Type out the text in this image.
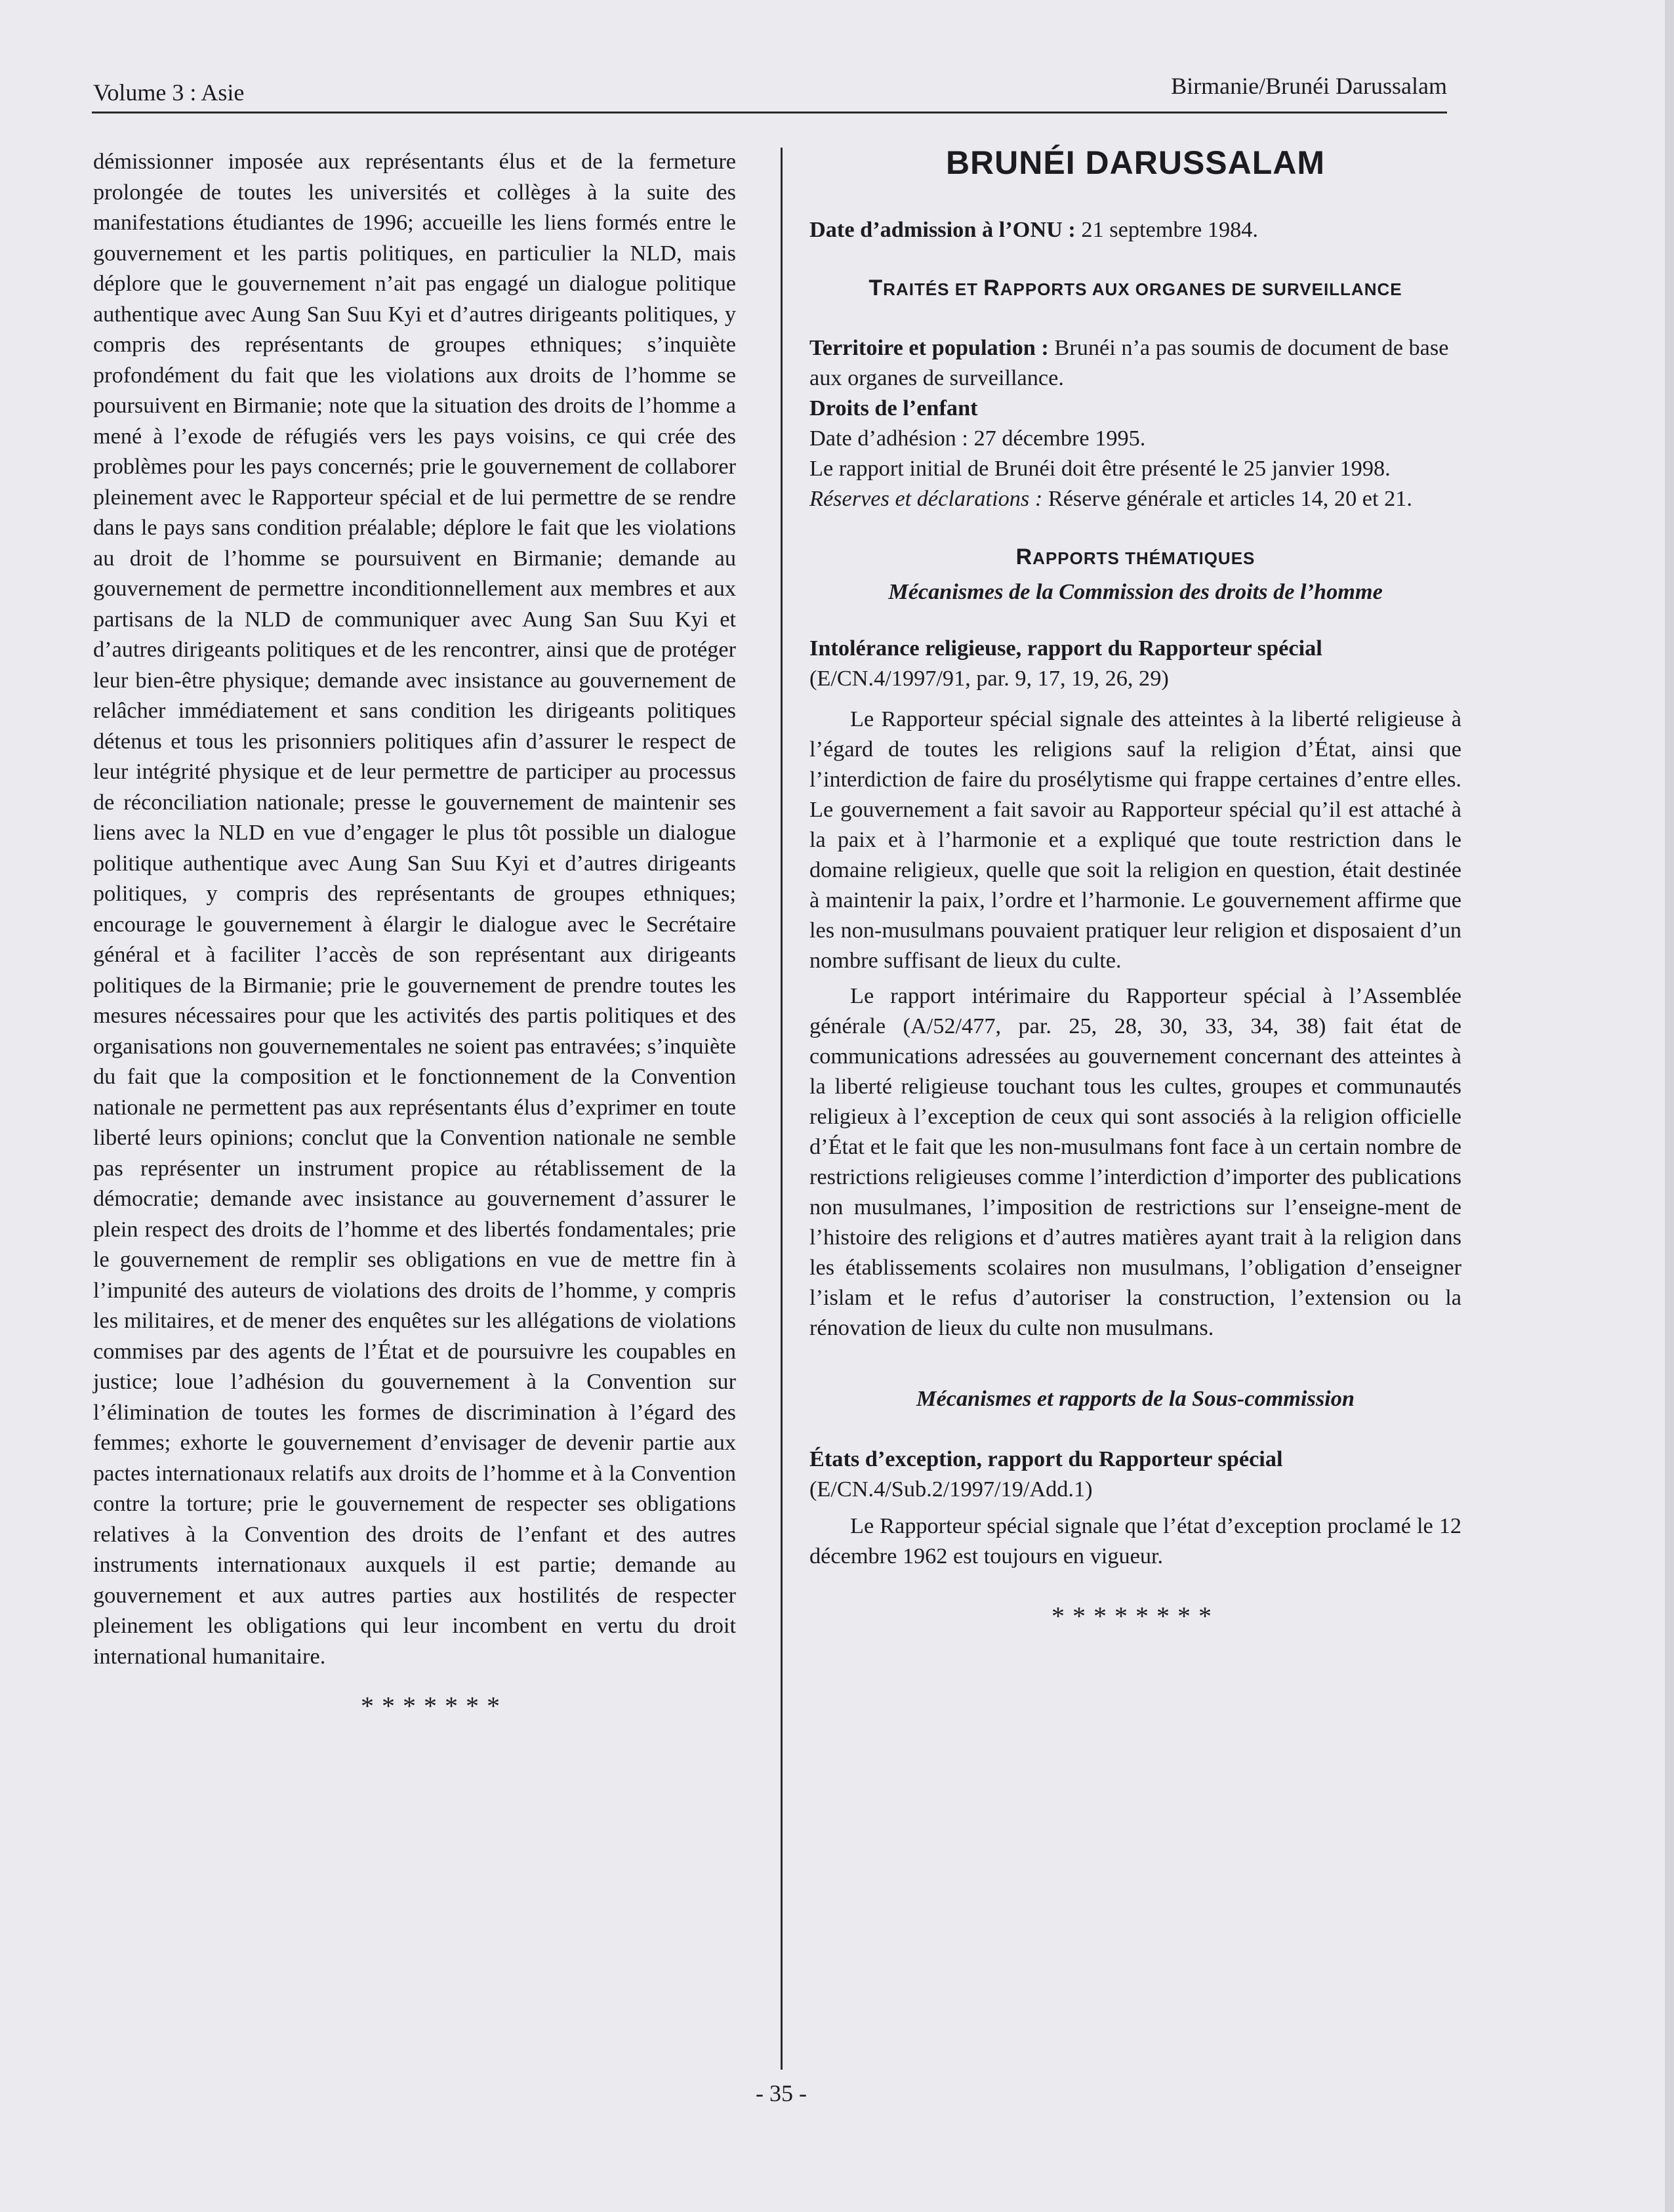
Volume 3 : Asie	Birmanie/Brunéi Darussalam

démissionner imposée aux représentants élus et de la fermeture prolongée de toutes les universités et collèges à la suite des manifestations étudiantes de 1996; accueille les liens formés entre le gouvernement et les partis politiques, en particulier la NLD, mais déplore que le gouvernement n’ait pas engagé un dialogue politique authentique avec Aung San Suu Kyi et d’autres dirigeants politiques, y compris des représentants de groupes ethniques; s’inquiète profondément du fait que les violations aux droits de l’homme se poursuivent en Birmanie; note que la situation des droits de l’homme a mené à l’exode de réfugiés vers les pays voisins, ce qui crée des problèmes pour les pays concernés; prie le gouvernement de collaborer pleinement avec le Rapporteur spécial et de lui permettre de se rendre dans le pays sans condition préalable; déplore le fait que les violations au droit de l’homme se poursuivent en Birmanie; demande au gouvernement de permettre inconditionnellement aux membres et aux partisans de la NLD de communiquer avec Aung San Suu Kyi et d’autres dirigeants politiques et de les rencontrer, ainsi que de protéger leur bien-être physique; demande avec insistance au gouvernement de relâcher immédiatement et sans condition les dirigeants politiques détenus et tous les prisonniers politiques afin d’assurer le respect de leur intégrité physique et de leur permettre de participer au processus de réconciliation nationale; presse le gouvernement de maintenir ses liens avec la NLD en vue d’engager le plus tôt possible un dialogue politique authentique avec Aung San Suu Kyi et d’autres dirigeants politiques, y compris des représentants de groupes ethniques; encourage le gouvernement à élargir le dialogue avec le Secrétaire général et à faciliter l’accès de son représentant aux dirigeants politiques de la Birmanie; prie le gouvernement de prendre toutes les mesures nécessaires pour que les activités des partis politiques et des organisations non gouvernementales ne soient pas entravées; s’inquiète du fait que la composition et le fonctionnement de la Convention nationale ne permettent pas aux représentants élus d’exprimer en toute liberté leurs opinions; conclut que la Convention nationale ne semble pas représenter un instrument propice au rétablissement de la démocratie; demande avec insistance au gouvernement d’assurer le plein respect des droits de l’homme et des libertés fondamentales; prie le gouvernement de remplir ses obligations en vue de mettre fin à l’impunité des auteurs de violations des droits de l’homme, y compris les militaires, et de mener des enquêtes sur les allégations de violations commises par des agents de l’État et de poursuivre les coupables en justice; loue l’adhésion du gouvernement à la Convention sur l’élimination de toutes les formes de discrimination à l’égard des femmes; exhorte le gouvernement d’envisager de devenir partie aux pactes internationaux relatifs aux droits de l’homme et à la Convention contre la torture; prie le gouvernement de respecter ses obligations relatives à la Convention des droits de l’enfant et des autres instruments internationaux auxquels il est partie; demande au gouvernement et aux autres parties aux hostilités de respecter pleinement les obligations qui leur incombent en vertu du droit international humanitaire.

*******
BRUNÉI DARUSSALAM

Date d’admission à l’ONU : 21 septembre 1984.

TRAITÉS ET RAPPORTS AUX ORGANES DE SURVEILLANCE

Territoire et population : Brunéi n’a pas soumis de document de base aux organes de surveillance.

Droits de l’enfant

Date d’adhésion : 27 décembre 1995.

Le rapport initial de Brunéi doit être présenté le 25 janvier 1998.

Réserves et déclarations : Réserve générale et articles 14, 20 et 21.

RAPPORTS THÉMATIQUES

Mécanismes de la Commission des droits de l’homme

Intolérance religieuse, rapport du Rapporteur spécial

(E/CN.4/1997/91, par. 9, 17, 19, 26, 29)

Le Rapporteur spécial signale des atteintes à la liberté religieuse à l’égard de toutes les religions sauf la religion d’État, ainsi que l’interdiction de faire du prosélytisme qui frappe certaines d’entre elles. Le gouvernement a fait savoir au Rapporteur spécial qu’il est attaché à la paix et à l’harmonie et a expliqué que toute restriction dans le domaine religieux, quelle que soit la religion en question, était destinée à maintenir la paix, l’ordre et l’harmonie. Le gouvernement affirme que les non-musulmans pouvaient pratiquer leur religion et disposaient d’un nombre suffisant de lieux du culte.

Le rapport intérimaire du Rapporteur spécial à l’Assemblée générale (A/52/477, par. 25, 28, 30, 33, 34, 38) fait état de communications adressées au gouvernement concernant des atteintes à la liberté religieuse touchant tous les cultes, groupes et communautés religieux à l’exception de ceux qui sont associés à la religion officielle d’État et le fait que les non-musulmans font face à un certain nombre de restrictions religieuses comme l’interdiction d’importer des publications non musulmanes, l’imposition de restrictions sur l’enseigne-ment de l’histoire des religions et d’autres matières ayant trait à la religion dans les établissements scolaires non musulmans, l’obligation d’enseigner l’islam et le refus d’autoriser la construction, l’extension ou la rénovation de lieux du culte non musulmans.

Mécanismes et rapports de la Sous-commission

États d’exception, rapport du Rapporteur spécial

(E/CN.4/Sub.2/1997/19/Add.1)

Le Rapporteur spécial signale que l’état d’exception proclamé le 12 décembre 1962 est toujours en vigueur.

********
- 35 -
